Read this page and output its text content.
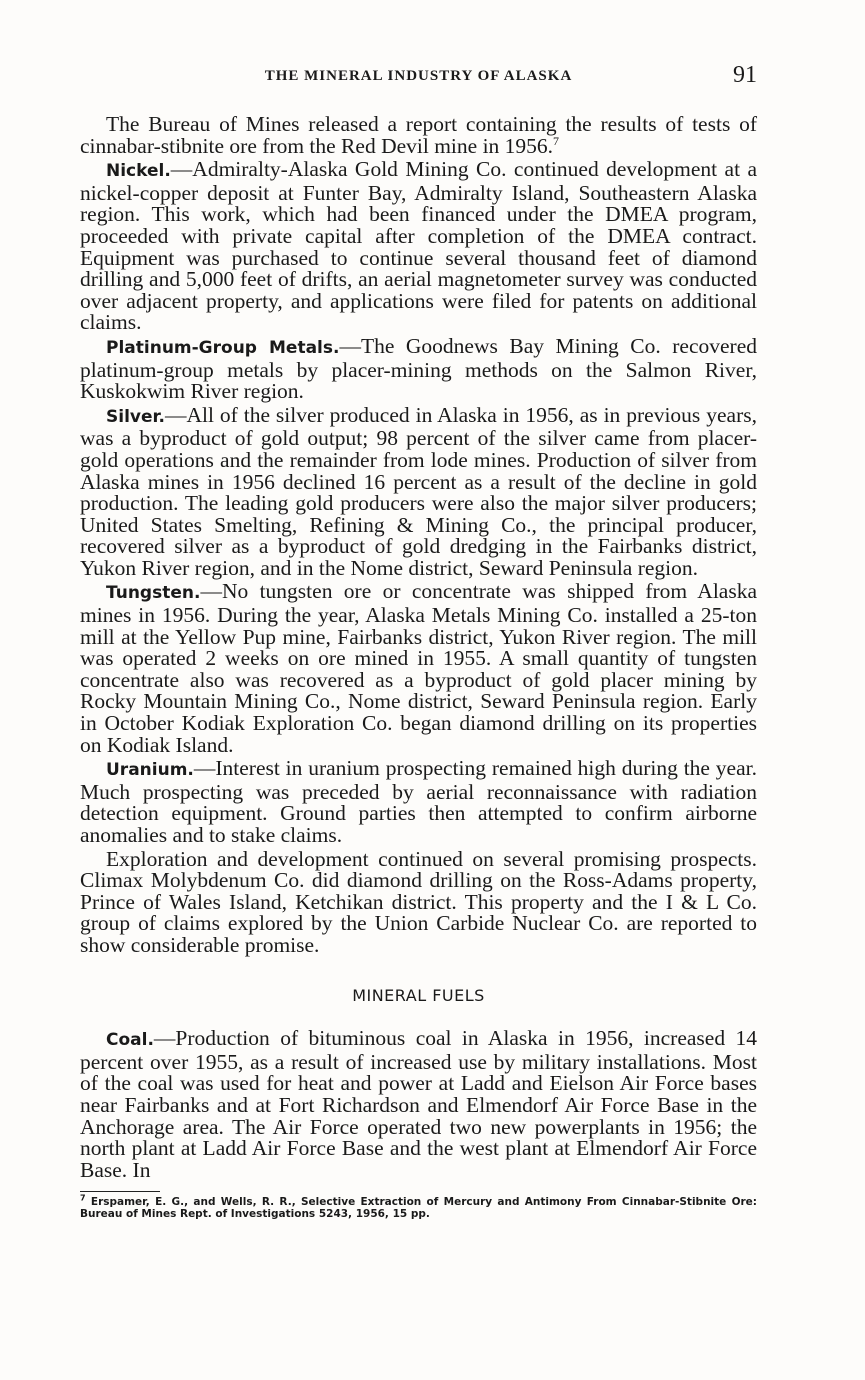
THE MINERAL INDUSTRY OF ALASKA	91

The Bureau of Mines released a report containing the results of tests of cinnabar-stibnite ore from the Red Devil mine in 1956.$^7$

Nickel.—Admiralty-Alaska Gold Mining Co. continued development at a nickel-copper deposit at Funter Bay, Admiralty Island, Southeastern Alaska region. This work, which had been financed under the DMEA program, proceeded with private capital after completion of the DMEA contract. Equipment was purchased to continue several thousand feet of diamond drilling and 5,000 feet of drifts, an aerial magnetometer survey was conducted over adjacent property, and applications were filed for patents on additional claims.

Platinum-Group Metals.—The Goodnews Bay Mining Co. recovered platinum-group metals by placer-mining methods on the Salmon River, Kuskokwim River region.

Silver.—All of the silver produced in Alaska in 1956, as in previous years, was a byproduct of gold output; 98 percent of the silver came from placer-gold operations and the remainder from lode mines. Production of silver from Alaska mines in 1956 declined 16 percent as a result of the decline in gold production. The leading gold producers were also the major silver producers; United States Smelting, Refining & Mining Co., the principal producer, recovered silver as a byproduct of gold dredging in the Fairbanks district, Yukon River region, and in the Nome district, Seward Peninsula region.

Tungsten.—No tungsten ore or concentrate was shipped from Alaska mines in 1956. During the year, Alaska Metals Mining Co. installed a 25-ton mill at the Yellow Pup mine, Fairbanks district, Yukon River region. The mill was operated 2 weeks on ore mined in 1955. A small quantity of tungsten concentrate also was recovered as a byproduct of gold placer mining by Rocky Mountain Mining Co., Nome district, Seward Peninsula region. Early in October Kodiak Exploration Co. began diamond drilling on its properties on Kodiak Island.

Uranium.—Interest in uranium prospecting remained high during the year. Much prospecting was preceded by aerial reconnaissance with radiation detection equipment. Ground parties then attempted to confirm airborne anomalies and to stake claims.

Exploration and development continued on several promising prospects. Climax Molybdenum Co. did diamond drilling on the Ross-Adams property, Prince of Wales Island, Ketchikan district. This property and the I & L Co. group of claims explored by the Union Carbide Nuclear Co. are reported to show considerable promise.

MINERAL FUELS

Coal.—Production of bituminous coal in Alaska in 1956, increased 14 percent over 1955, as a result of increased use by military installations. Most of the coal was used for heat and power at Ladd and Eielson Air Force bases near Fairbanks and at Fort Richardson and Elmendorf Air Force Base in the Anchorage area. The Air Force operated two new powerplants in 1956; the north plant at Ladd Air Force Base and the west plant at Elmendorf Air Force Base. In

$^7$ Erspamer, E. G., and Wells, R. R., Selective Extraction of Mercury and Antimony From Cinnabar-Stibnite Ore: Bureau of Mines Rept. of Investigations 5243, 1956, 15 pp.
